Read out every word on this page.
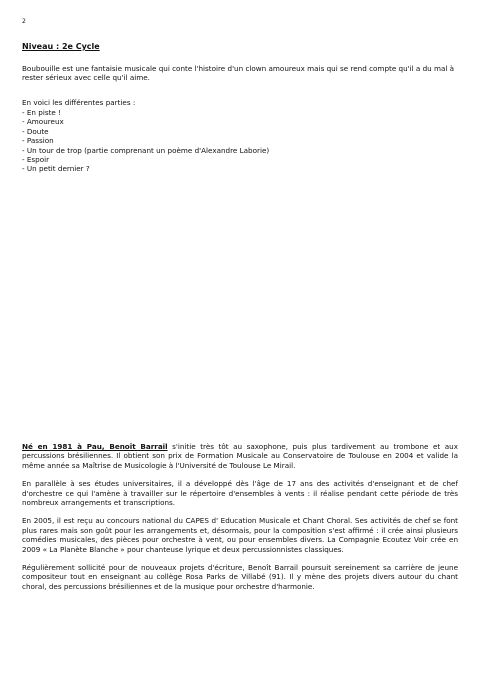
2
Niveau : 2e Cycle
Boubouille est une fantaisie musicale qui conte l'histoire d'un clown amoureux mais qui se rend compte qu'il a du mal à rester sérieux avec celle qu'il aime.
En voici les différentes parties :
- En piste !
- Amoureux
- Doute
- Passion
- Un tour de trop (partie comprenant un poème d'Alexandre Laborie)
- Espoir
- Un petit dernier ?

Né en 1981 à Pau, Benoît Barrail s'initie très tôt au saxophone, puis plus tardivement au trombone et aux percussions brésiliennes. Il obtient son prix de Formation Musicale au Conservatoire de Toulouse en 2004 et valide la même année sa Maîtrise de Musicologie à l'Université de Toulouse Le Mirail.

En parallèle à ses études universitaires, il a développé dès l'âge de 17 ans des activités d'enseignant et de chef d'orchestre ce qui l'amène à travailler sur le répertoire d'ensembles à vents : il réalise pendant cette période de très nombreux arrangements et transcriptions.

En 2005, il est reçu au concours national du CAPES d' Education Musicale et Chant Choral. Ses activités de chef se font plus rares mais son goût pour les arrangements et, désormais, pour la composition s'est affirmé : il crée ainsi plusieurs comédies musicales, des pièces pour orchestre à vent, ou pour ensembles divers. La Compagnie Ecoutez Voir crée en 2009 « La Planète Blanche » pour chanteuse lyrique et deux percussionnistes classiques.

Régulièrement sollicité pour de nouveaux projets d'écriture, Benoît Barrail poursuit sereinement sa carrière de jeune compositeur tout en enseignant au collège Rosa Parks de Villabé (91). Il y mène des projets divers autour du chant choral, des percussions brésiliennes et de la musique pour orchestre d'harmonie.
